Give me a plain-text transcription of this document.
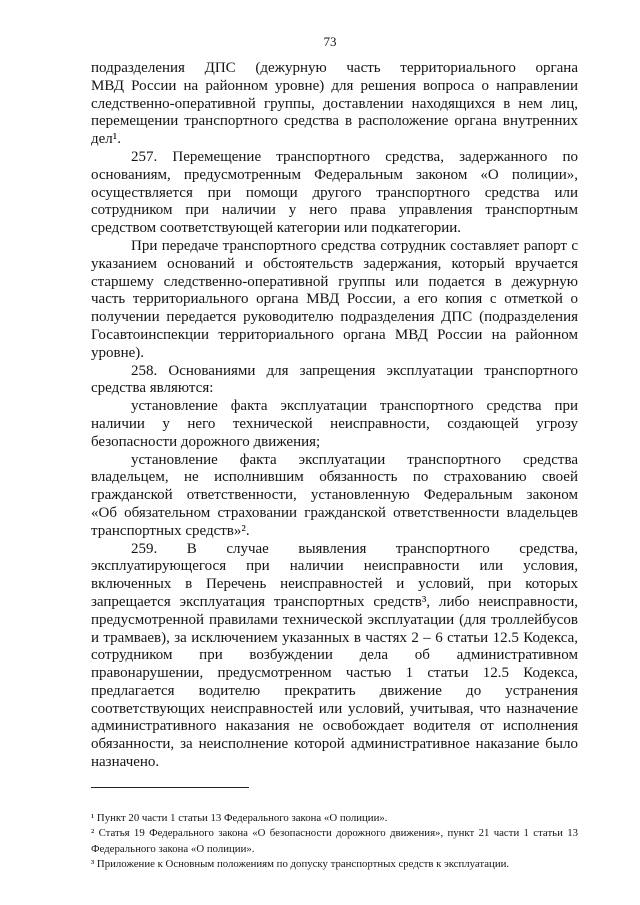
73
подразделения ДПС (дежурную часть территориального органа
МВД России на районном уровне) для решения вопроса о направлении
следственно-оперативной группы, доставлении находящихся в нем лиц,
перемещении транспортного средства в расположение органа внутренних
дел¹.
257. Перемещение транспортного средства, задержанного по
основаниям, предусмотренным Федеральным законом «О полиции»,
осуществляется при помощи другого транспортного средства или
сотрудником при наличии у него права управления транспортным
средством соответствующей категории или подкатегории.
При передаче транспортного средства сотрудник составляет рапорт с
указанием оснований и обстоятельств задержания, который вручается
старшему следственно-оперативной группы или подается в дежурную
часть территориального органа МВД России, а его копия с отметкой о
получении передается руководителю подразделения ДПС (подразделения
Госавтоинспекции территориального органа МВД России на районном
уровне).
258. Основаниями для запрещения эксплуатации транспортного
средства являются:
установление факта эксплуатации транспортного средства при
наличии у него технической неисправности, создающей угрозу
безопасности дорожного движения;
установление факта эксплуатации транспортного средства
владельцем, не исполнившим обязанность по страхованию своей
гражданской ответственности, установленную Федеральным законом
«Об обязательном страховании гражданской ответственности владельцев
транспортных средств»².
259. В случае выявления транспортного средства,
эксплуатирующегося при наличии неисправности или условия,
включенных в Перечень неисправностей и условий, при которых
запрещается эксплуатация транспортных средств³, либо неисправности,
предусмотренной правилами технической эксплуатации (для троллейбусов
и трамваев), за исключением указанных в частях 2 – 6 статьи 12.5 Кодекса,
сотрудником при возбуждении дела об административном
правонарушении, предусмотренном частью 1 статьи 12.5 Кодекса,
предлагается водителю прекратить движение до устранения
соответствующих неисправностей или условий, учитывая, что назначение
административного наказания не освобождает водителя от исполнения
обязанности, за неисполнение которой административное наказание было
назначено.
¹ Пункт 20 части 1 статьи 13 Федерального закона «О полиции».
² Статья 19 Федерального закона «О безопасности дорожного движения», пункт 21 части 1 статьи 13
Федерального закона «О полиции».
³ Приложение к Основным положениям по допуску транспортных средств к эксплуатации.
